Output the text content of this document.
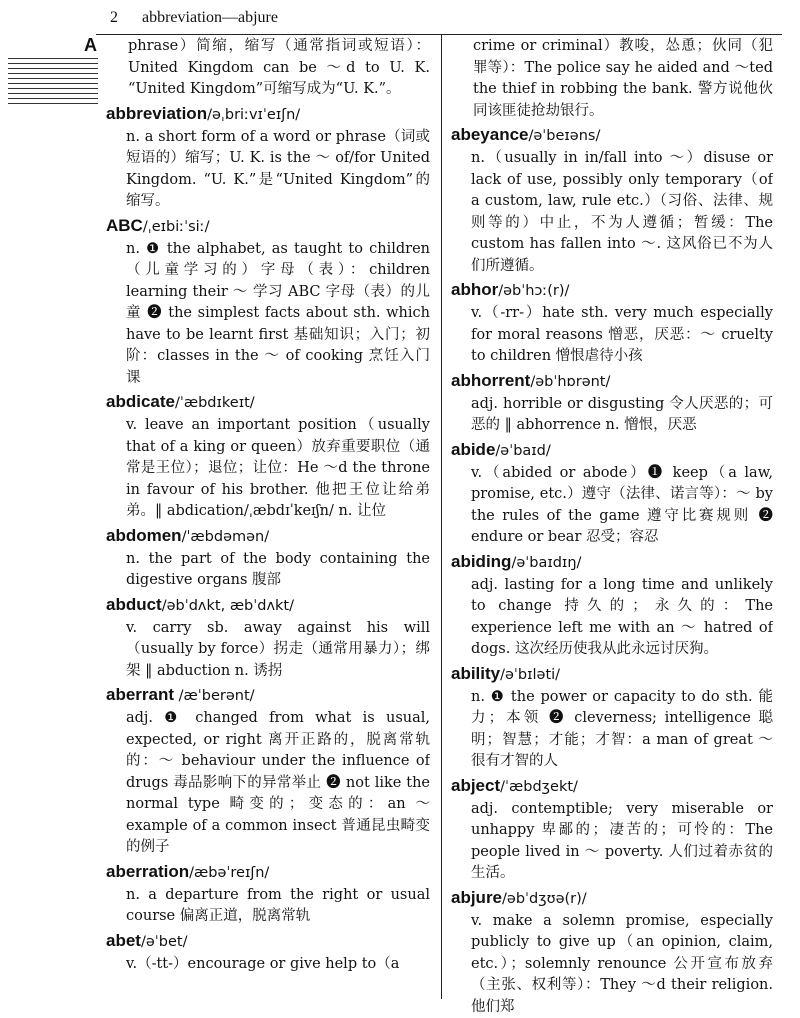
2 abbreviation—abjure
A	phrase）简缩，缩写（通常指词或短语）：United Kingdom can be ～d to U. K. “United Kingdom”可缩写成为“U. K.”。
abbreviation/əˌbriːvɪˈeɪʃn/
n. a short form of a word or phrase（词或短语的）缩写；U. K. is the ～ of/for United Kingdom. “U. K.”是“United Kingdom”的缩写。
ABC/ˌeɪbiːˈsiː/
n. ❶ the alphabet, as taught to children（儿童学习的）字母（表）：children learning their ～ 学习 ABC 字母（表）的儿童 ❷ the simplest facts about sth. which have to be learnt first 基础知识；入门；初阶：classes in the ～ of cooking 烹饪入门课
abdicate/ˈæbdɪkeɪt/
v. leave an important position（usually that of a king or queen）放弃重要职位（通常是王位）；退位；让位：He ～d the throne in favour of his brother. 他把王位让给弟弟。‖ abdication/ˌæbdɪˈkeɪʃn/ n. 让位
abdomen/ˈæbdəmən/
n. the part of the body containing the digestive organs 腹部
abduct/əbˈdʌkt, æbˈdʌkt/
v. carry sb. away against his will（usually by force）拐走（通常用暴力）；绑架 ‖ abduction n. 诱拐
aberrant /æˈberənt/
adj. ❶ changed from what is usual, expected, or right 离开正路的，脱离常轨的：～ behaviour under the influence of drugs 毒品影响下的异常举止 ❷ not like the normal type 畸变的；变态的：an ～ example of a common insect 普通昆虫畸变的例子
aberration/æbəˈreɪʃn/
n. a departure from the right or usual course 偏离正道，脱离常轨
abet/əˈbet/
v.（-tt-）encourage or give help to（a
crime or criminal）教唆，怂恿；伙同（犯罪等）：The police say he aided and ～ted the thief in robbing the bank. 警方说他伙同该匪徒抢劫银行。
abeyance/əˈbeɪəns/
n.（usually in in/fall into ～）disuse or lack of use, possibly only temporary（of a custom, law, rule etc.）（习俗、法律、规则等的）中止，不为人遵循；暂缓：The custom has fallen into ～. 这风俗已不为人们所遵循。
abhor/əbˈhɔː(r)/
v.（-rr-）hate sth. very much especially for moral reasons 憎恶，厌恶：～ cruelty to children 憎恨虐待小孩
abhorrent/əbˈhɒrənt/
adj. horrible or disgusting 令人厌恶的；可恶的 ‖ abhorrence n. 憎恨，厌恶
abide/əˈbaɪd/
v.（abided or abode）❶ keep（a law, promise, etc.）遵守（法律、诺言等）：～ by the rules of the game 遵守比赛规则 ❷ endure or bear 忍受；容忍
abiding/əˈbaɪdɪŋ/
adj. lasting for a long time and unlikely to change 持久的；永久的：The experience left me with an ～ hatred of dogs. 这次经历使我从此永远讨厌狗。
ability/əˈbɪləti/
n. ❶ the power or capacity to do sth. 能力；本领 ❷ cleverness; intelligence 聪明；智慧；才能；才智：a man of great ～ 很有才智的人
abject/ˈæbdʒekt/
adj. contemptible; very miserable or unhappy 卑鄙的；凄苦的；可怜的：The people lived in ～ poverty. 人们过着赤贫的生活。
abjure/əbˈdʒʊə(r)/
v. make a solemn promise, especially publicly to give up（an opinion, claim, etc.）；solemnly renounce 公开宣布放弃（主张、权利等）：They ～d their religion. 他们郑
